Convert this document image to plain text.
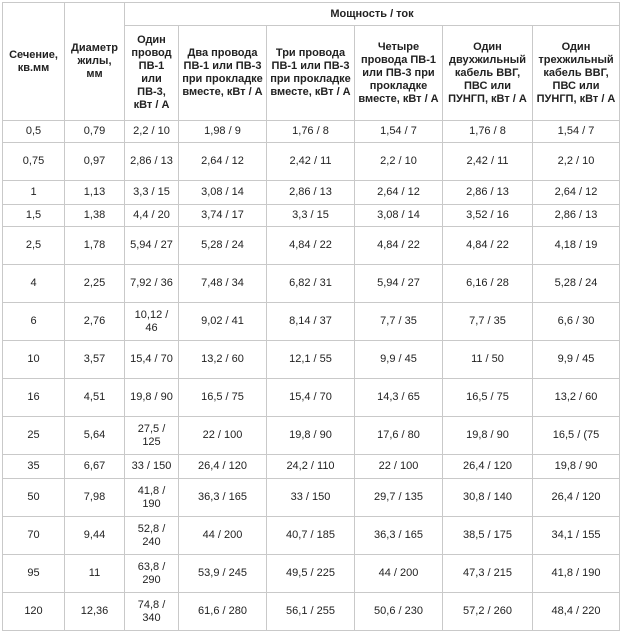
Сечение, кв.мм	Диаметр жилы, мм	Мощность / ток					
		Один провод ПВ-1 или ПВ-3, кВт / А	Два провода ПВ-1 или ПВ-3 при прокладке вместе, кВт / А	Три провода ПВ-1 или ПВ-3 при прокладке вместе, кВт / А	Четыре провода ПВ-1 или ПВ-3 при прокладке вместе, кВт / А	Один двухжильный кабель ВВГ, ПВС или ПУНГП, кВт / А	Один трехжильный кабель ВВГ, ПВС или ПУНГП, кВт / А
0,5	0,79	2,2 / 10	1,98 / 9	1,76 / 8	1,54 / 7	1,76 / 8	1,54 / 7
0,75	0,97	2,86 / 13	2,64 / 12	2,42 / 11	2,2 / 10	2,42 / 11	2,2 / 10
1	1,13	3,3 / 15	3,08 / 14	2,86 / 13	2,64 / 12	2,86 / 13	2,64 / 12
1,5	1,38	4,4 / 20	3,74 / 17	3,3 / 15	3,08 / 14	3,52 / 16	2,86 / 13
2,5	1,78	5,94 / 27	5,28 / 24	4,84 / 22	4,84 / 22	4,84 / 22	4,18 / 19
4	2,25	7,92 / 36	7,48 / 34	6,82 / 31	5,94 / 27	6,16 / 28	5,28 / 24
6	2,76	10,12 / 46	9,02 / 41	8,14 / 37	7,7 / 35	7,7 / 35	6,6 / 30
10	3,57	15,4 / 70	13,2 / 60	12,1 / 55	9,9 / 45	11 / 50	9,9 / 45
16	4,51	19,8 / 90	16,5 / 75	15,4 / 70	14,3 / 65	16,5 / 75	13,2 / 60
25	5,64	27,5 / 125	22 / 100	19,8 / 90	17,6 / 80	19,8 / 90	16,5 / (75
35	6,67	33 / 150	26,4 / 120	24,2 / 110	22 / 100	26,4 / 120	19,8 / 90
50	7,98	41,8 / 190	36,3 / 165	33 / 150	29,7 / 135	30,8 / 140	26,4 / 120
70	9,44	52,8 / 240	44 / 200	40,7 / 185	36,3 / 165	38,5 / 175	34,1 / 155
95	11	63,8 / 290	53,9 / 245	49,5 / 225	44 / 200	47,3 / 215	41,8 / 190
120	12,36	74,8 / 340	61,6 / 280	56,1 / 255	50,6 / 230	57,2 / 260	48,4 / 220
